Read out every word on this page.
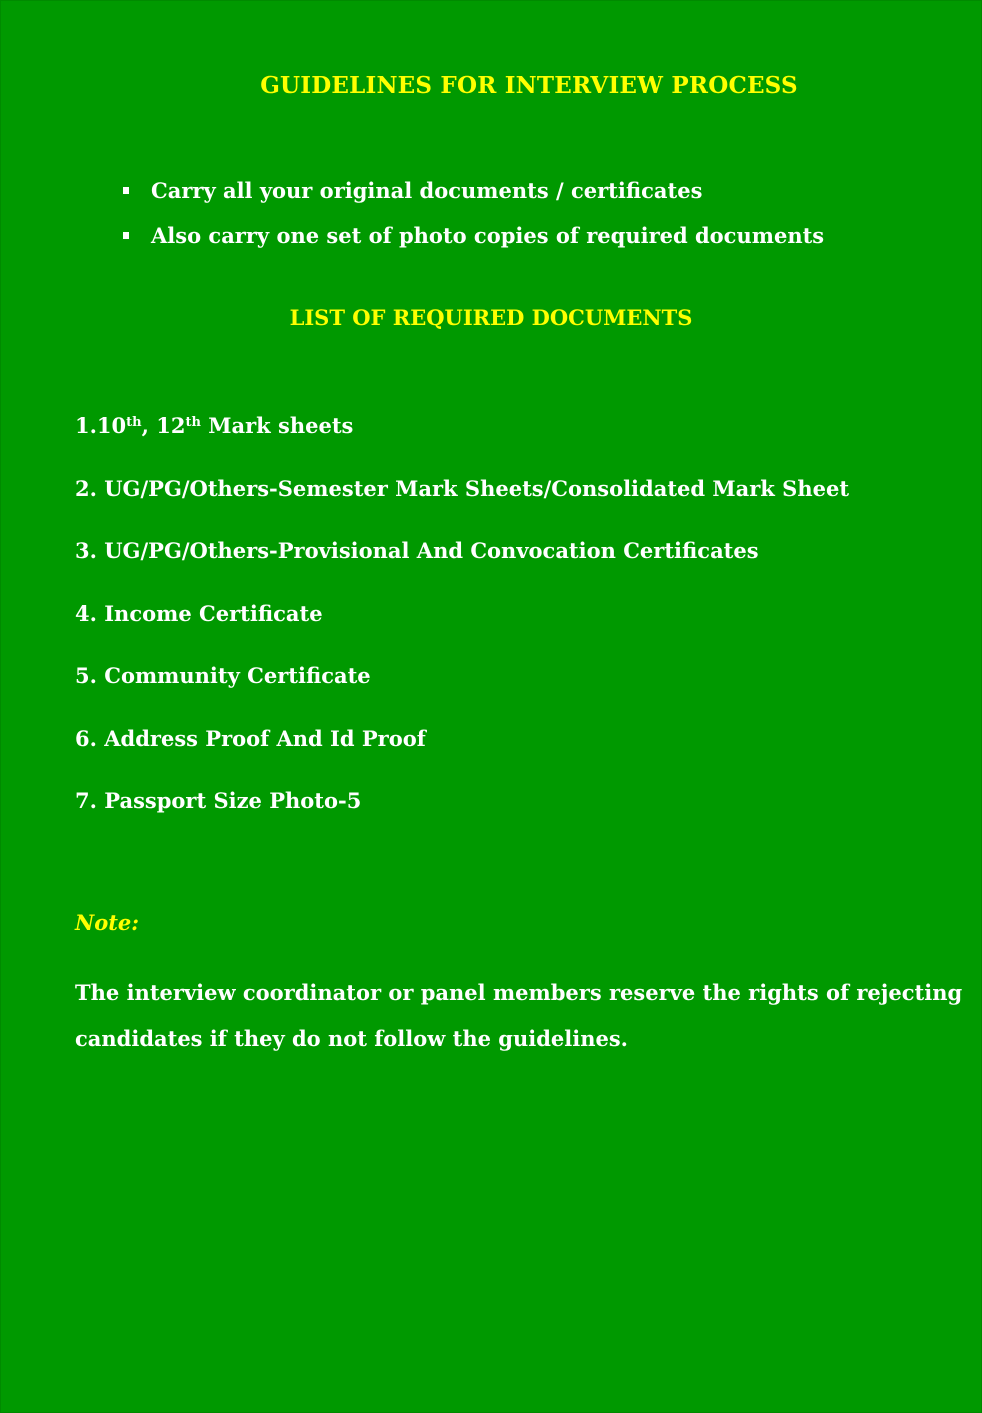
GUIDELINES FOR INTERVIEW PROCESS
Carry all your original documents / certificates
Also carry one set of photo copies of required documents
LIST OF REQUIRED DOCUMENTS
1.10th, 12th Mark sheets
2. UG/PG/Others-Semester Mark Sheets/Consolidated Mark Sheet
3. UG/PG/Others-Provisional And Convocation Certificates
4. Income Certificate
5. Community Certificate
6. Address Proof And Id Proof
7. Passport Size Photo-5
Note:
The interview coordinator or panel members reserve the rights of rejecting candidates if they do not follow the guidelines.
